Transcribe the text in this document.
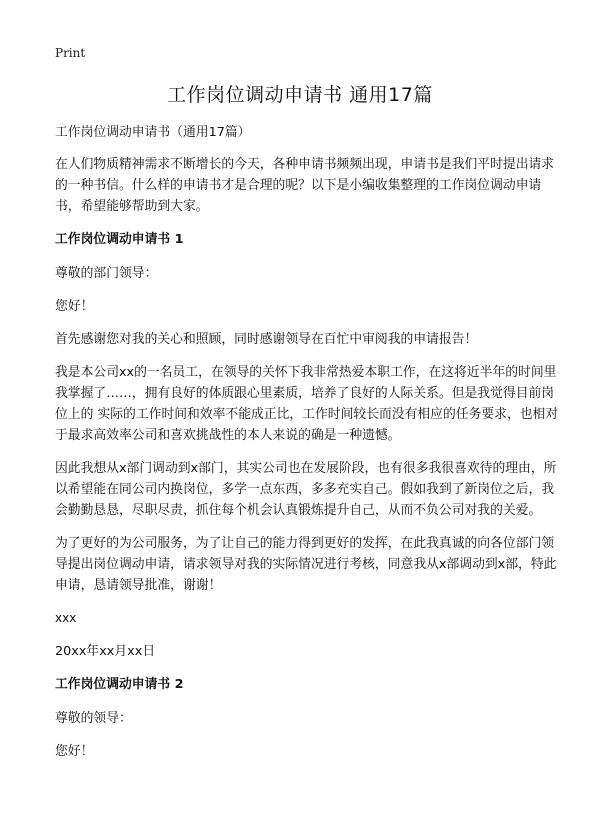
Print
工作岗位调动申请书 通用17篇

工作岗位调动申请书（通用17篇）

在人们物质精神需求不断增长的今天，各种申请书频频出现，申请书是我们平时提出请求的一种书信。什么样的申请书才是合理的呢？以下是小编收集整理的工作岗位调动申请书，希望能够帮助到大家。

工作岗位调动申请书 1

尊敬的部门领导：

您好！

首先感谢您对我的关心和照顾，同时感谢领导在百忙中审阅我的申请报告！

我是本公司xx的一名员工，在领导的关怀下我非常热爱本职工作，在这将近半年的时间里我掌握了……，拥有良好的体质跟心里素质，培养了良好的人际关系。但是我觉得目前岗位上的 实际的工作时间和效率不能成正比，工作时间较长而没有相应的任务要求，也相对于最求高效率公司和喜欢挑战性的本人来说的确是一种遗憾。

因此我想从x部门调动到x部门，其实公司也在发展阶段，也有很多我很喜欢待的理由，所以希望能在同公司内换岗位，多学一点东西，多多充实自己。假如我到了新岗位之后，我会勤勤恳恳，尽职尽责，抓住每个机会认真锻炼提升自己，从而不负公司对我的关爱。

为了更好的为公司服务，为了让自己的能力得到更好的发挥，在此我真诚的向各位部门领导提出岗位调动申请，请求领导对我的实际情况进行考核，同意我从x部调动到x部，特此申请，恳请领导批准，谢谢！

xxx

20xx年xx月xx日

工作岗位调动申请书 2

尊敬的领导：

您好！
